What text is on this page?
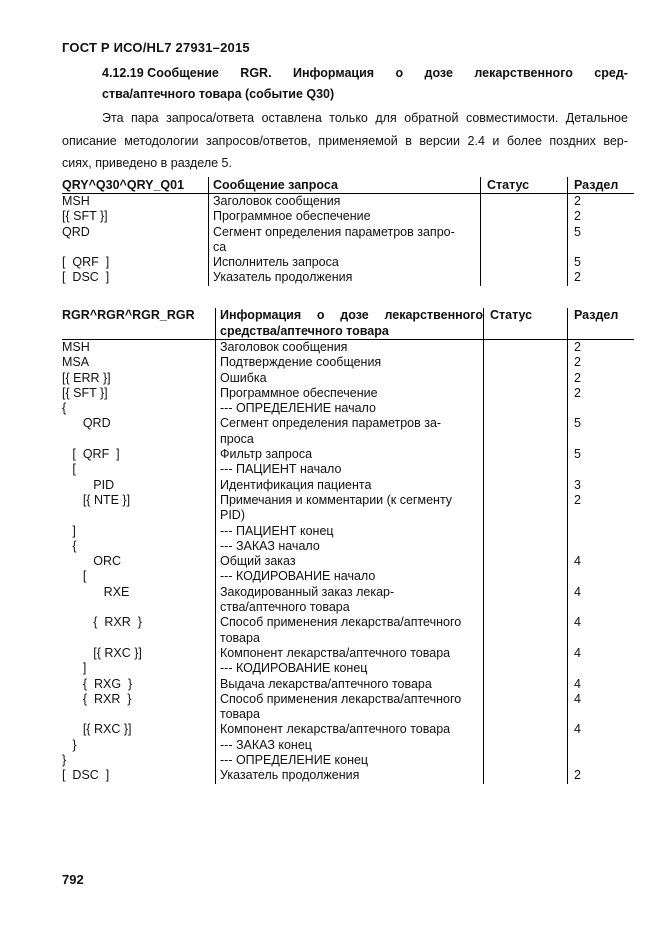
ГОСТ Р ИСО/HL7 27931–2015
4.12.19 Сообщение RGR. Информация о дозе лекарственного сред-
ства/аптечного товара (событие Q30)
Эта пара запроса/ответа оставлена только для обратной совместимости. Детальное
описание методологии запросов/ответов, применяемой в версии 2.4 и более поздних вер-
сиях, приведено в разделе 5.
QRY^Q30^QRY_Q01	Сообщение запроса	Статус	Раздел
MSH	Заголовок сообщения	2
[{ SFT }]	Программное обеспечение	2
QRD	Сегмент определения параметров запро-	5
са
[  QRF  ]	Исполнитель запроса	5
[  DSC  ]	Указатель продолжения	2
RGR^RGR^RGR_RGR	Информация о дозе лекарственного средства/аптечного товара
Статус	Раздел
MSH	Заголовок сообщения	2
MSA	Подтверждение сообщения	2
[{ ERR }]	Ошибка	2
[{ SFT }]	Программное обеспечение	2
{	--- ОПРЕДЕЛЕНИЕ начало
QRD	Сегмент определения параметров за-	5
проса
[  QRF  ]	Фильтр запроса	5
[	--- ПАЦИЕНТ начало
PID	Идентификация пациента	3
[{ NTE }]	Примечания и комментарии (к сегменту	2
PID)
]	--- ПАЦИЕНТ конец
{	--- ЗАКАЗ начало
ORC	Общий заказ	4
[	--- КОДИРОВАНИЕ начало
RXE	Закодированный заказ лекар-	4
ства/аптечного товара
{  RXR  }	Способ применения лекарства/аптечного	4
товара
[{ RXC }]	Компонент лекарства/аптечного товара	4
]	--- КОДИРОВАНИЕ конец
{  RXG  }	Выдача лекарства/аптечного товара	4
{  RXR  }	Способ применения лекарства/аптечного	4
товара
[{ RXC }]	Компонент лекарства/аптечного товара	4
}	--- ЗАКАЗ конец
}	--- ОПРЕДЕЛЕНИЕ конец
[  DSC  ]	Указатель продолжения	2
792
